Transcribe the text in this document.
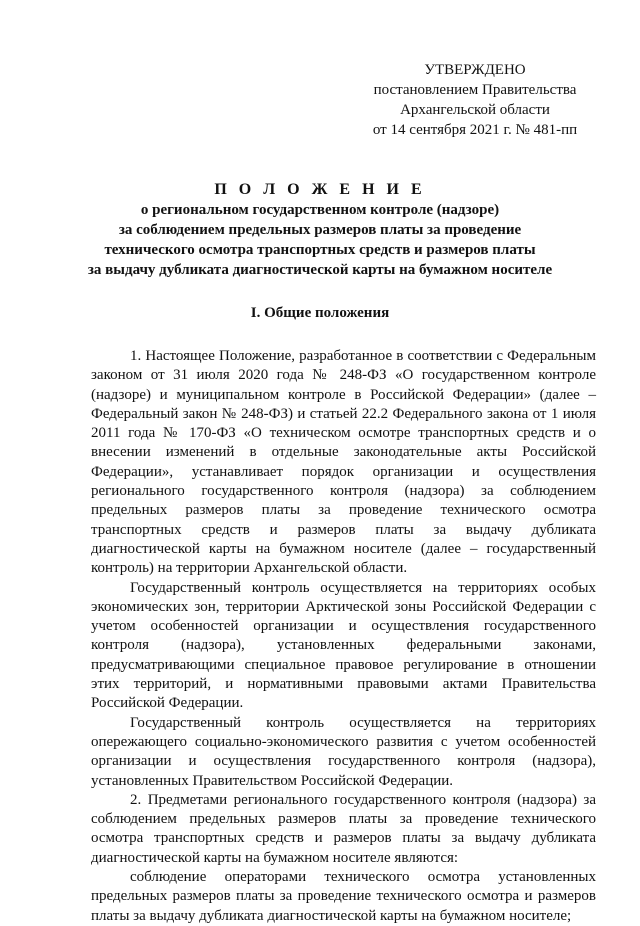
УТВЕРЖДЕНО
постановлением Правительства
Архангельской области
от 14 сентября 2021 г. № 481-пп
П О Л О Ж Е Н И Е
о региональном государственном контроле (надзоре)
за соблюдением предельных размеров платы за проведение
технического осмотра транспортных средств и размеров платы
за выдачу дубликата диагностической карты на бумажном носителе
I. Общие положения

1. Настоящее Положение, разработанное в соответствии с Федеральным законом от 31 июля 2020 года № 248-ФЗ «О государственном контроле (надзоре) и муниципальном контроле в Российской Федерации» (далее – Федеральный закон № 248-ФЗ) и статьей 22.2 Федерального закона от 1 июля 2011 года № 170-ФЗ «О техническом осмотре транспортных средств и о внесении изменений в отдельные законодательные акты Российской Федерации», устанавливает порядок организации и осуществления регионального государственного контроля (надзора) за соблюдением предельных размеров платы за проведение технического осмотра транспортных средств и размеров платы за выдачу дубликата диагностической карты на бумажном носителе (далее – государственный контроль) на территории Архангельской области.

Государственный контроль осуществляется на территориях особых экономических зон, территории Арктической зоны Российской Федерации с учетом особенностей организации и осуществления государственного контроля (надзора), установленных федеральными законами, предусматривающими специальное правовое регулирование в отношении этих территорий, и нормативными правовыми актами Правительства Российской Федерации.

Государственный контроль осуществляется на территориях опережающего социально-экономического развития с учетом особенностей организации и осуществления государственного контроля (надзора), установленных Правительством Российской Федерации.

2. Предметами регионального государственного контроля (надзора) за соблюдением предельных размеров платы за проведение технического осмотра транспортных средств и размеров платы за выдачу дубликата диагностической карты на бумажном носителе являются:

соблюдение операторами технического осмотра установленных предельных размеров платы за проведение технического осмотра и размеров платы за выдачу дубликата диагностической карты на бумажном носителе;
